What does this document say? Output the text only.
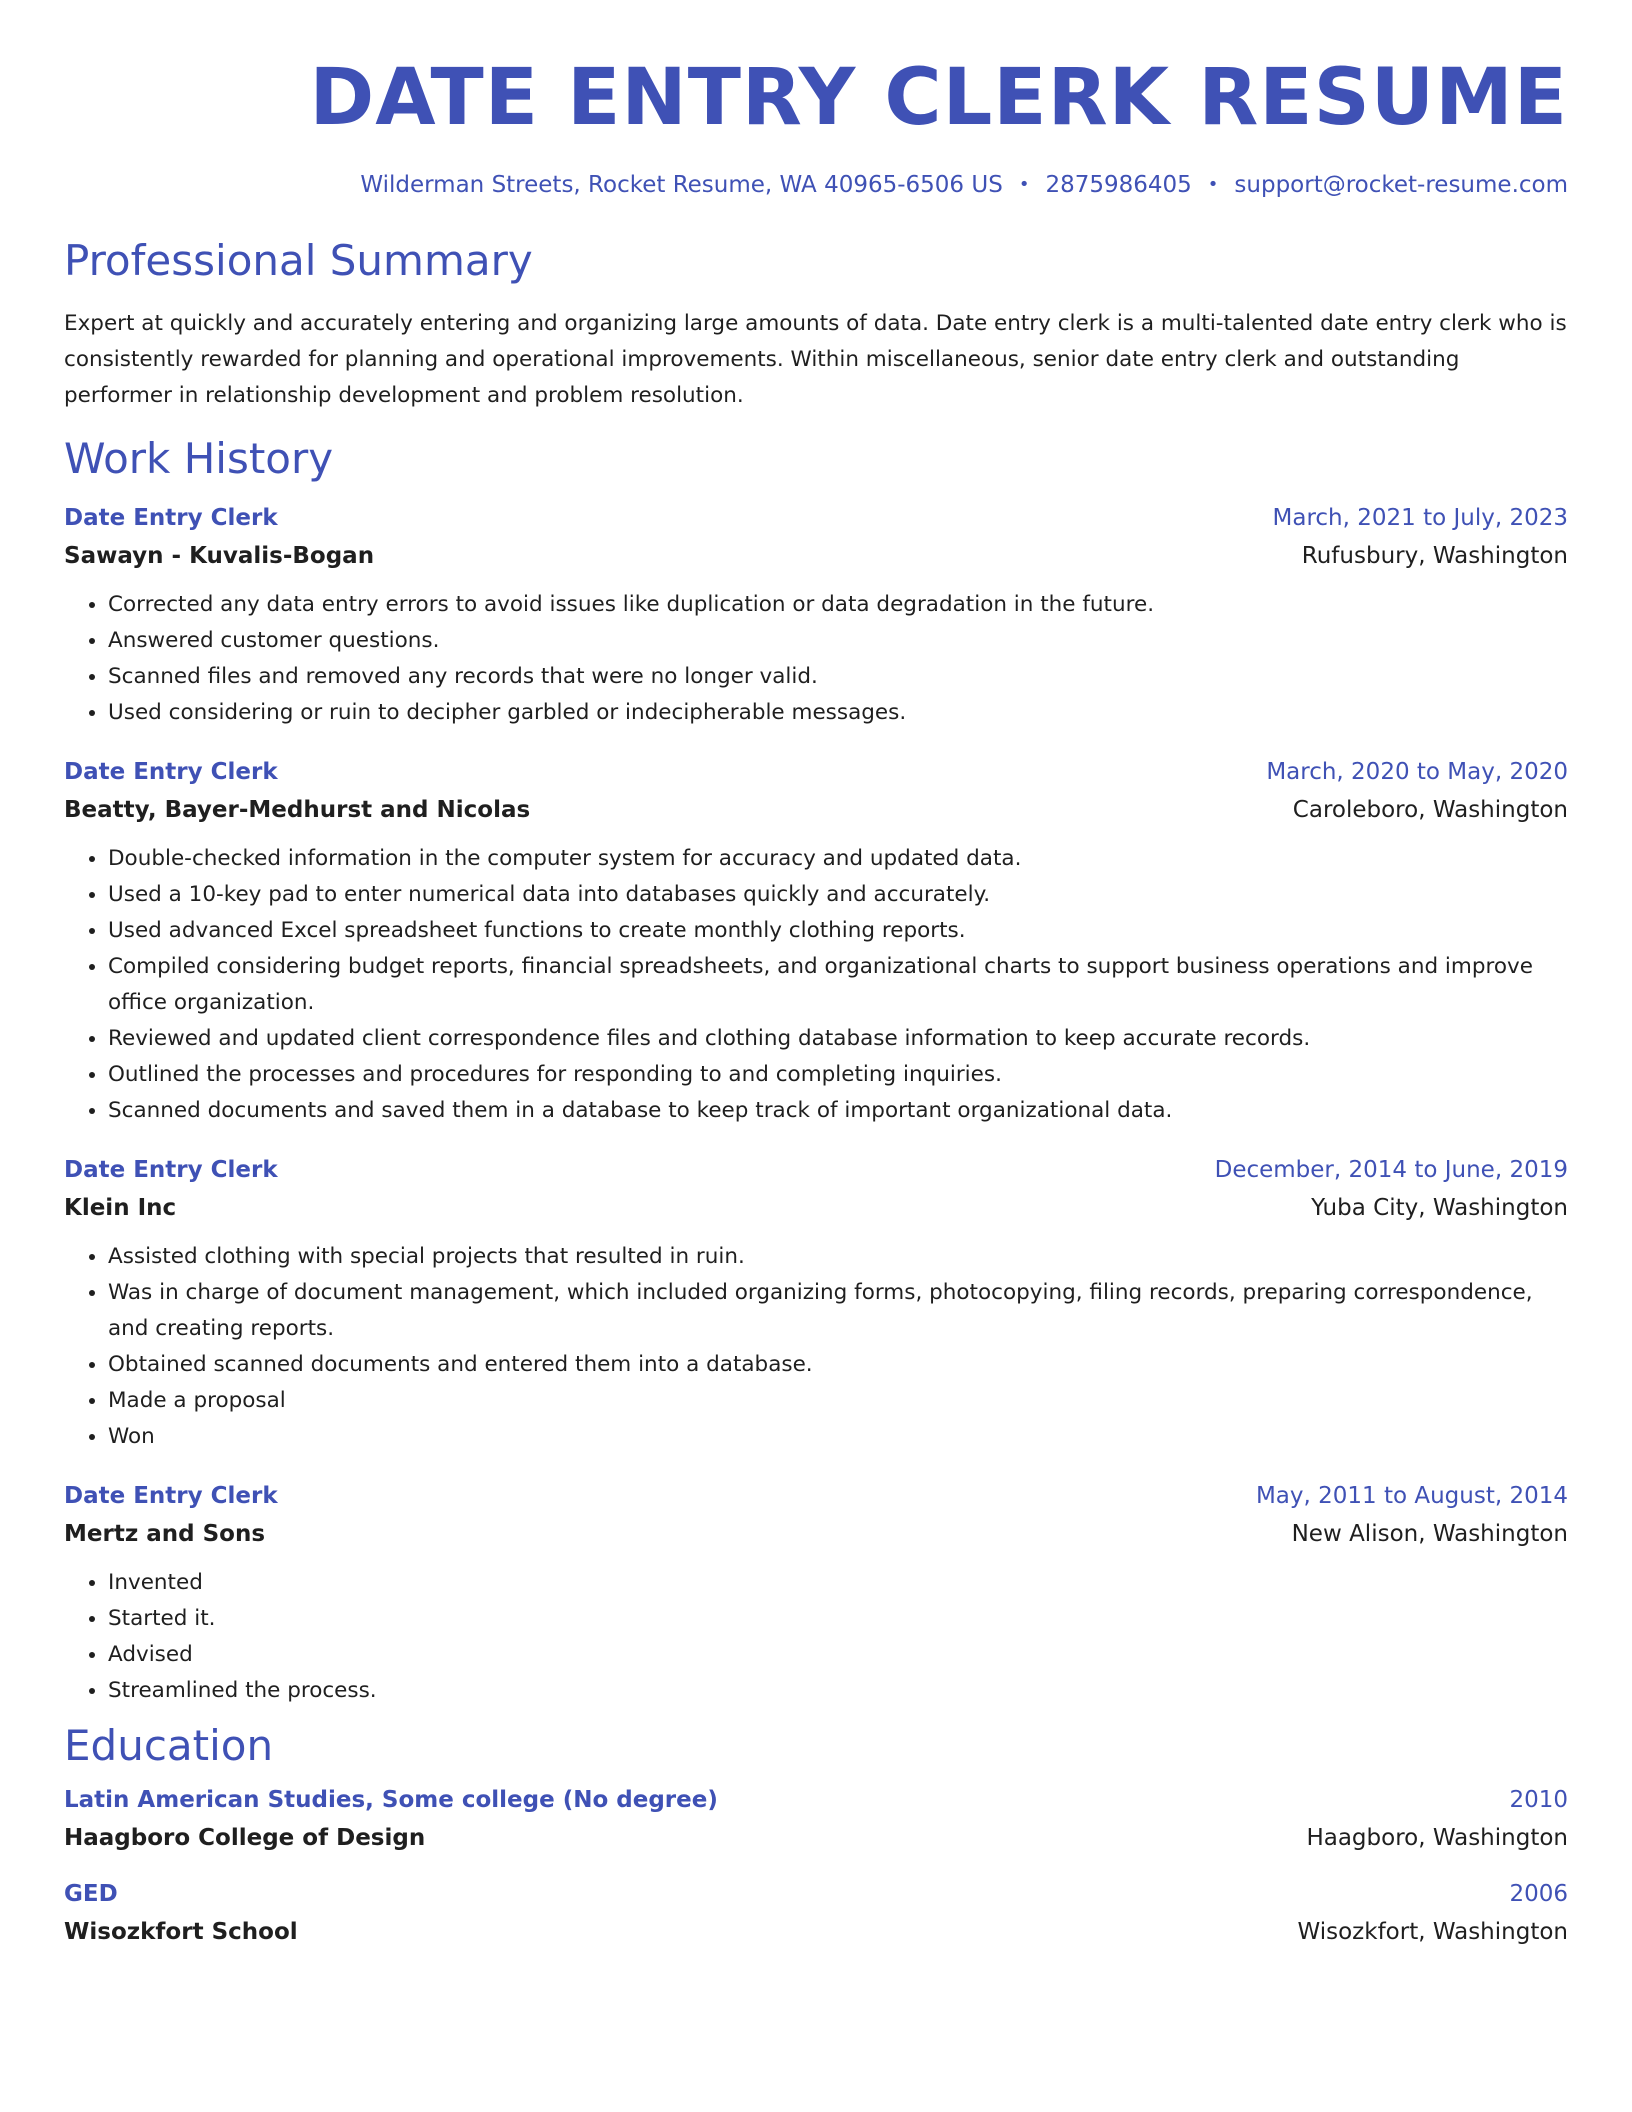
DATE ENTRY CLERK RESUME
Wilderman Streets, Rocket Resume, WA 40965-6506 US • 2875986405 • support@rocket-resume.com
Professional Summary
Expert at quickly and accurately entering and organizing large amounts of data. Date entry clerk is a multi-talented date entry clerk who is consistently rewarded for planning and operational improvements. Within miscellaneous, senior date entry clerk and outstanding performer in relationship development and problem resolution.
Work History
Date Entry Clerk	March, 2021 to July, 2023
Sawayn - Kuvalis-Bogan	Rufusbury, Washington
• Corrected any data entry errors to avoid issues like duplication or data degradation in the future.
• Answered customer questions.
• Scanned files and removed any records that were no longer valid.
• Used considering or ruin to decipher garbled or indecipherable messages.
Date Entry Clerk	March, 2020 to May, 2020
Beatty, Bayer-Medhurst and Nicolas	Caroleboro, Washington
• Double-checked information in the computer system for accuracy and updated data.
• Used a 10-key pad to enter numerical data into databases quickly and accurately.
• Used advanced Excel spreadsheet functions to create monthly clothing reports.
• Compiled considering budget reports, financial spreadsheets, and organizational charts to support business operations and improve office organization.
• Reviewed and updated client correspondence files and clothing database information to keep accurate records.
• Outlined the processes and procedures for responding to and completing inquiries.
• Scanned documents and saved them in a database to keep track of important organizational data.
Date Entry Clerk	December, 2014 to June, 2019
Klein Inc	Yuba City, Washington
• Assisted clothing with special projects that resulted in ruin.
• Was in charge of document management, which included organizing forms, photocopying, filing records, preparing correspondence, and creating reports.
• Obtained scanned documents and entered them into a database.
• Made a proposal
• Won
Date Entry Clerk	May, 2011 to August, 2014
Mertz and Sons	New Alison, Washington
• Invented
• Started it.
• Advised
• Streamlined the process.
Education
Latin American Studies, Some college (No degree)	2010
Haagboro College of Design	Haagboro, Washington
GED	2006
Wisozkfort School	Wisozkfort, Washington
